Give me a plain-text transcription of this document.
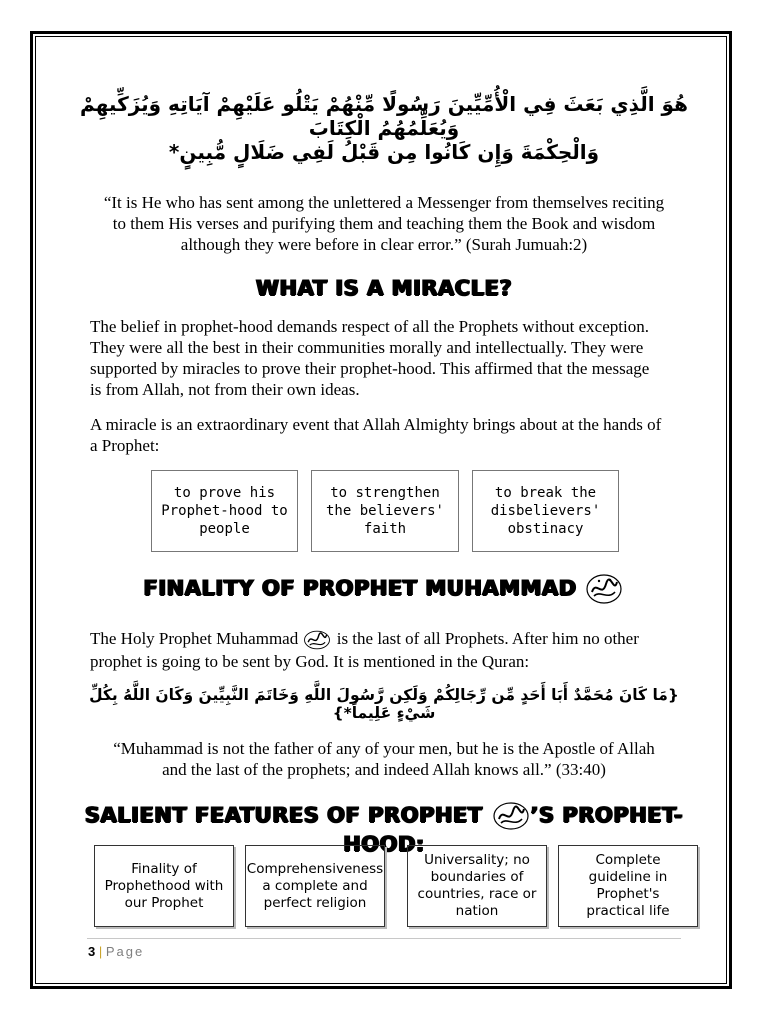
هُوَ الَّذِي بَعَثَ فِي الْأُمِّيِّينَ رَسُولًا مِّنْهُمْ يَتْلُو عَلَيْهِمْ آيَاتِهِ وَيُزَكِّيهِمْ وَيُعَلِّمُهُمُ الْكِتَابَ
وَالْحِكْمَةَ وَإِن كَانُوا مِن قَبْلُ لَفِي ضَلَالٍ مُّبِينٍ*
“It is He who has sent among the unlettered a Messenger from themselves reciting
to them His verses and purifying them and teaching them the Book and wisdom
although they were before in clear error.” (Surah Jumuah:2)
WHAT IS A MIRACLE?
The belief in prophet-hood demands respect of all the Prophets without exception.
They were all the best in their communities morally and intellectually. They were
supported by miracles to prove their prophet-hood. This affirmed that the message
is from Allah, not from their own ideas.
A miracle is an extraordinary event that Allah Almighty brings about at the hands of
a Prophet:
to prove his
Prophet-hood to
people
to strengthen
the believers'
faith
to break the
disbelievers'
obstinacy
FINALITY OF PROPHET MUHAMMAD
The Holy Prophet Muhammad is the last of all Prophets. After him no other
prophet is going to be sent by God. It is mentioned in the Quran:
{مَا كَانَ مُحَمَّدٌ أَبَا أَحَدٍ مِّن رِّجَالِكُمْ وَلَكِن رَّسُولَ اللَّهِ وَخَاتَمَ النَّبِيِّينَ وَكَانَ اللَّهُ بِكُلِّ شَيْءٍ عَلِيماً*}
“Muhammad is not the father of any of your men, but he is the Apostle of Allah
and the last of the prophets; and indeed Allah knows all.” (33:40)
SALIENT FEATURES OF PROPHET ’S PROPHET-HOOD:
Finality of
Prophethood with
our Prophet
Comprehensiveness
a complete and
perfect religion
Universality; no
boundaries of
countries, race or
nation
Complete
guideline in
Prophet's
practical life
3 | Page
